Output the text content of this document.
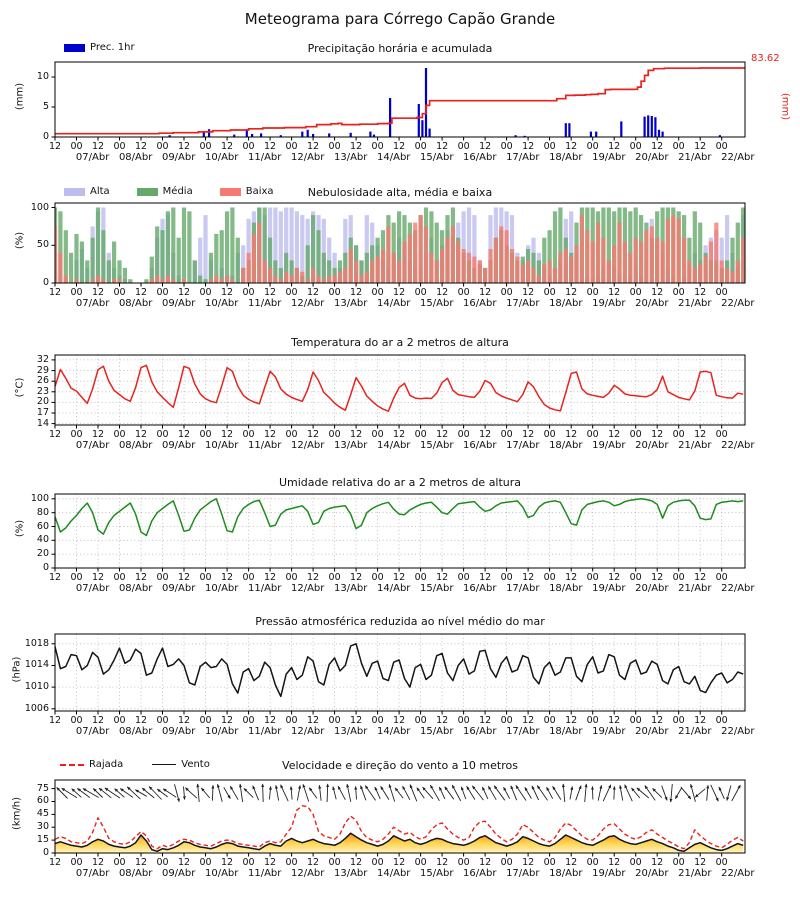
Meteograma para Córrego Capão Grande
Precipitação horária e acumulada
Nebulosidade alta, média e baixa
Temperatura do ar a 2 metros de altura
Umidade relativa do ar a 2 metros de altura
Pressão atmosférica reduzida ao nível médio do mar
Velocidade e direção do vento a 10 metros
(mm)
(%)
(°C)
(%)
(hPa)
(km/h)
83.62
(mm)
Prec. 1hr
Alta	Média	Baixa
Rajada	Vento
12 00 12 00 12 00 12 00 12 00 12 00 12 00 12 00 12 00 12 00 12 00 12 00 12 00 12 00 12 00 12 00
07/Abr 08/Abr 09/Abr 10/Abr 11/Abr 12/Abr 13/Abr 14/Abr 15/Abr 16/Abr 17/Abr 18/Abr 19/Abr 20/Abr 21/Abr 22/Abr
0
5
10
12 00 12 00 12 00 12 00 12 00 12 00 12 00 12 00 12 00 12 00 12 00 12 00 12 00 12 00 12 00 12 00
07/Abr 08/Abr 09/Abr 10/Abr 11/Abr 12/Abr 13/Abr 14/Abr 15/Abr 16/Abr 17/Abr 18/Abr 19/Abr 20/Abr 21/Abr 22/Abr
0
50
100
12 00 12 00 12 00 12 00 12 00 12 00 12 00 12 00 12 00 12 00 12 00 12 00 12 00 12 00 12 00 12 00
07/Abr 08/Abr 09/Abr 10/Abr 11/Abr 12/Abr 13/Abr 14/Abr 15/Abr 16/Abr 17/Abr 18/Abr 19/Abr 20/Abr 21/Abr 22/Abr
14
17
20
23
26
29
32
12 00 12 00 12 00 12 00 12 00 12 00 12 00 12 00 12 00 12 00 12 00 12 00 12 00 12 00 12 00 12 00
07/Abr 08/Abr 09/Abr 10/Abr 11/Abr 12/Abr 13/Abr 14/Abr 15/Abr 16/Abr 17/Abr 18/Abr 19/Abr 20/Abr 21/Abr 22/Abr
0
20
40
60
80
100
12 00 12 00 12 00 12 00 12 00 12 00 12 00 12 00 12 00 12 00 12 00 12 00 12 00 12 00 12 00 12 00
07/Abr 08/Abr 09/Abr 10/Abr 11/Abr 12/Abr 13/Abr 14/Abr 15/Abr 16/Abr 17/Abr 18/Abr 19/Abr 20/Abr 21/Abr 22/Abr
1006
1010
1014
1018
12 00 12 00 12 00 12 00 12 00 12 00 12 00 12 00 12 00 12 00 12 00 12 00 12 00 12 00 12 00 12 00
07/Abr 08/Abr 09/Abr 10/Abr 11/Abr 12/Abr 13/Abr 14/Abr 15/Abr 16/Abr 17/Abr 18/Abr 19/Abr 20/Abr 21/Abr 22/Abr
0
15
30
45
60
75
